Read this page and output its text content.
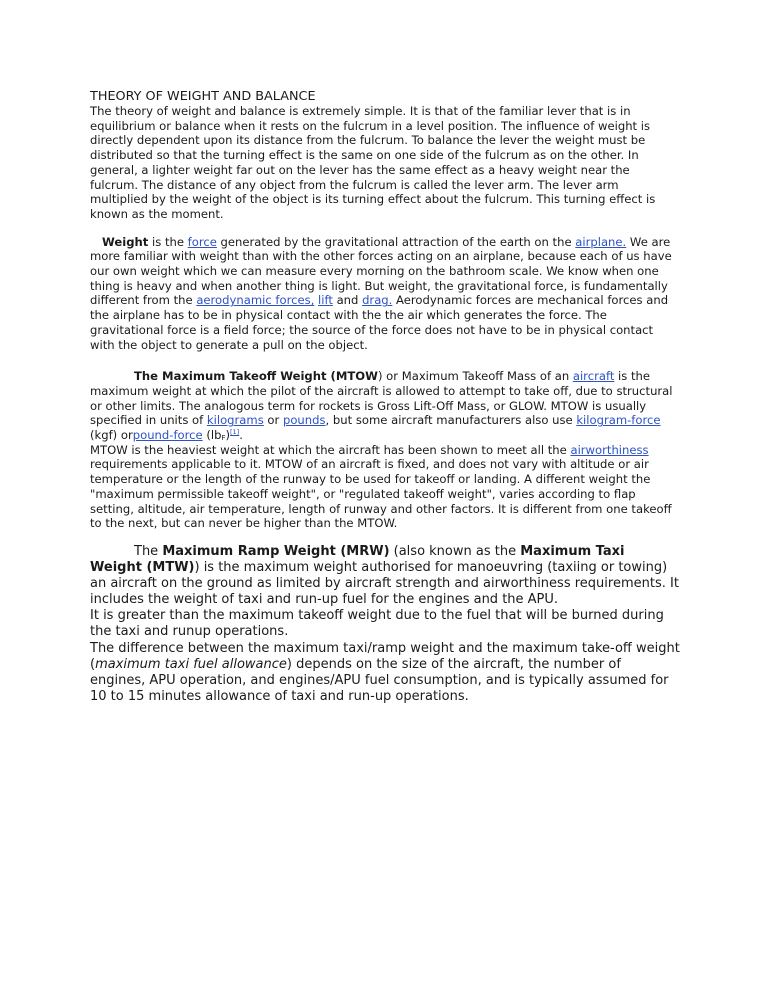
THEORY OF WEIGHT AND BALANCE

The theory of weight and balance is extremely simple. It is that of the familiar lever that is in equilibrium or balance when it rests on the fulcrum in a level position. The influence of weight is directly dependent upon its distance from the fulcrum. To balance the lever the weight must be distributed so that the turning effect is the same on one side of the fulcrum as on the other. In general, a lighter weight far out on the lever has the same effect as a heavy weight near the fulcrum. The distance of any object from the fulcrum is called the lever arm. The lever arm multiplied by the weight of the object is its turning effect about the fulcrum. This turning effect is known as the moment.

Weight is the force generated by the gravitational attraction of the earth on the airplane. We are more familiar with weight than with the other forces acting on an airplane, because each of us have our own weight which we can measure every morning on the bathroom scale. We know when one thing is heavy and when another thing is light. But weight, the gravitational force, is fundamentally different from the aerodynamic forces, lift and drag. Aerodynamic forces are mechanical forces and the airplane has to be in physical contact with the the air which generates the force. The gravitational force is a field force; the source of the force does not have to be in physical contact with the object to generate a pull on the object.

The Maximum Takeoff Weight (MTOW) or Maximum Takeoff Mass of an aircraft is the maximum weight at which the pilot of the aircraft is allowed to attempt to take off, due to structural or other limits. The analogous term for rockets is Gross Lift-Off Mass, or GLOW. MTOW is usually specified in units of kilograms or pounds, but some aircraft manufacturers also use kilogram-force (kgf) orpound-force $(lb_F)[1]$.
MTOW is the heaviest weight at which the aircraft has been shown to meet all the airworthiness requirements applicable to it. MTOW of an aircraft is fixed, and does not vary with altitude or air temperature or the length of the runway to be used for takeoff or landing. A different weight the "maximum permissible takeoff weight", or "regulated takeoff weight", varies according to flap setting, altitude, air temperature, length of runway and other factors. It is different from one takeoff to the next, but can never be higher than the MTOW.

The Maximum Ramp Weight (MRW) (also known as the Maximum Taxi Weight (MTW)) is the maximum weight authorised for manoeuvring (taxiing or towing) an aircraft on the ground as limited by aircraft strength and airworthiness requirements. It includes the weight of taxi and run-up fuel for the engines and the APU.
It is greater than the maximum takeoff weight due to the fuel that will be burned during the taxi and runup operations.
The difference between the maximum taxi/ramp weight and the maximum take-off weight (maximum taxi fuel allowance) depends on the size of the aircraft, the number of engines, APU operation, and engines/APU fuel consumption, and is typically assumed for 10 to 15 minutes allowance of taxi and run-up operations.
